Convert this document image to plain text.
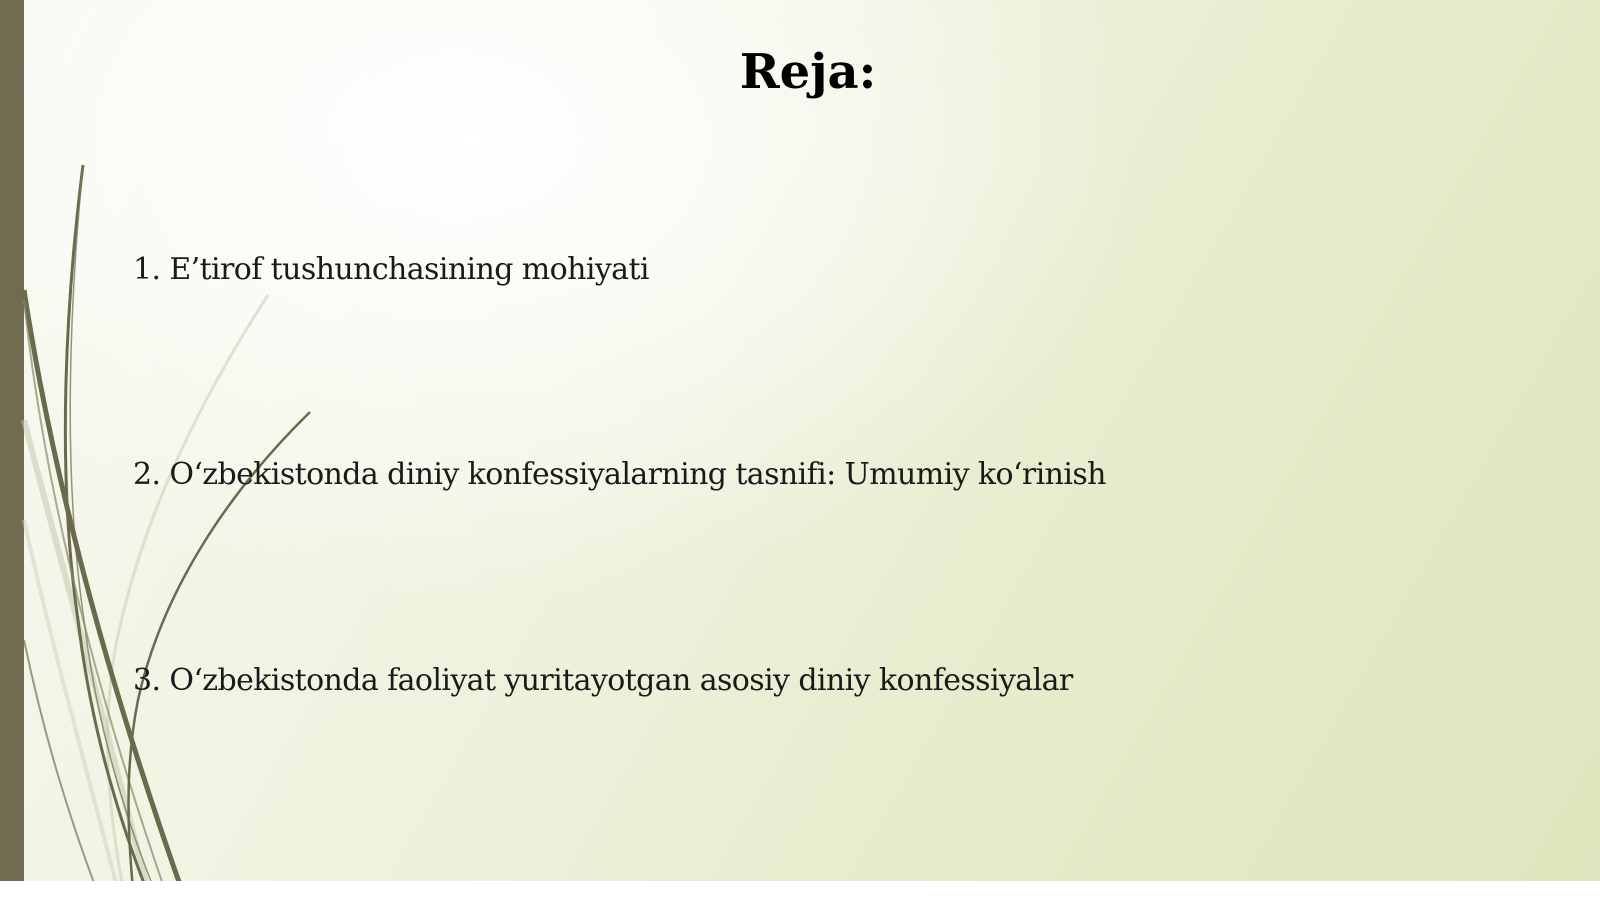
Reja:
1. E’tirof tushunchasining mohiyati
2. O‘zbekistonda diniy konfessiyalarning tasnifi: Umumiy ko‘rinish
3. O‘zbekistonda faoliyat yuritayotgan asosiy diniy konfessiyalar
